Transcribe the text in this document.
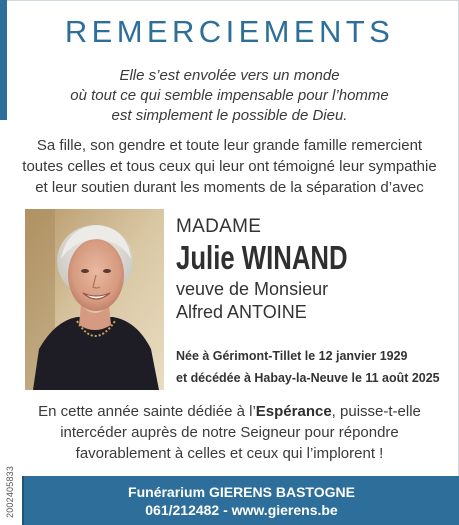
REMERCIEMENTS
Elle s’est envolée vers un monde
où tout ce qui semble impensable pour l’homme
est simplement le possible de Dieu.
Sa fille, son gendre et toute leur grande famille remercient
toutes celles et tous ceux qui leur ont témoigné leur sympathie
et leur soutien durant les moments de la séparation d’avec
MADAME
Julie WINAND
veuve de Monsieur
Alfred ANTOINE
Née à Gérimont-Tillet le 12 janvier 1929
et décédée à Habay-la-Neuve le 11 août 2025
En cette année sainte dédiée à l’Espérance, puisse-t-elle
intercéder auprès de notre Seigneur pour répondre
favorablement à celles et ceux qui l’implorent !
2002405833	Funérarium GIERENS BASTOGNE
061/212482 - www.gierens.be
